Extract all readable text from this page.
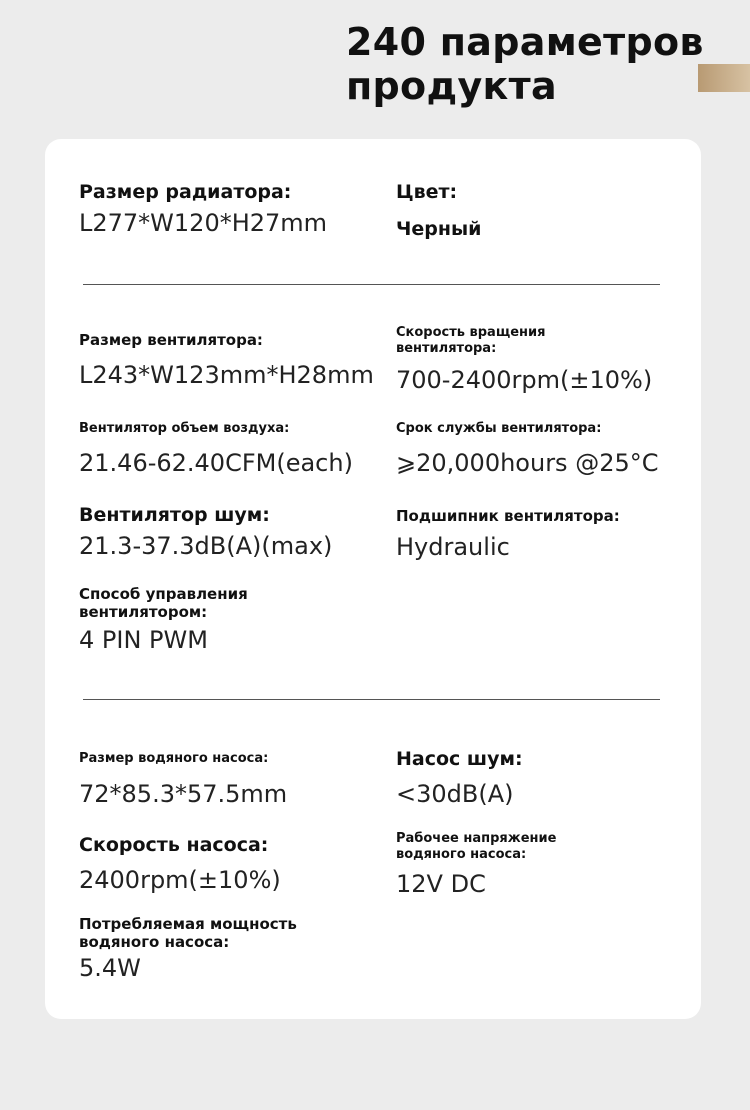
240 параметров
продукта
Размер радиатора:
L277*W120*H27mm
Цвет:
Черный
Размер вентилятора:
L243*W123mm*H28mm
Скорость вращения вентилятора:
700-2400rpm(±10%)
Вентилятор объем воздуха:
21.46-62.40CFM(each)
Срок службы вентилятора:
⩾20,000hours @25°C
Вентилятор шум:
21.3-37.3dB(A)(max)
Подшипник вентилятора:
Hydraulic
Способ управления вентилятором:
4 PIN PWM
Размер водяного насоса:
72*85.3*57.5mm
Насос шум:
<30dB(A)
Скорость насоса:
2400rpm(±10%)
Рабочее напряжение водяного насоса:
12V DC
Потребляемая мощность водяного насоса:
5.4W
